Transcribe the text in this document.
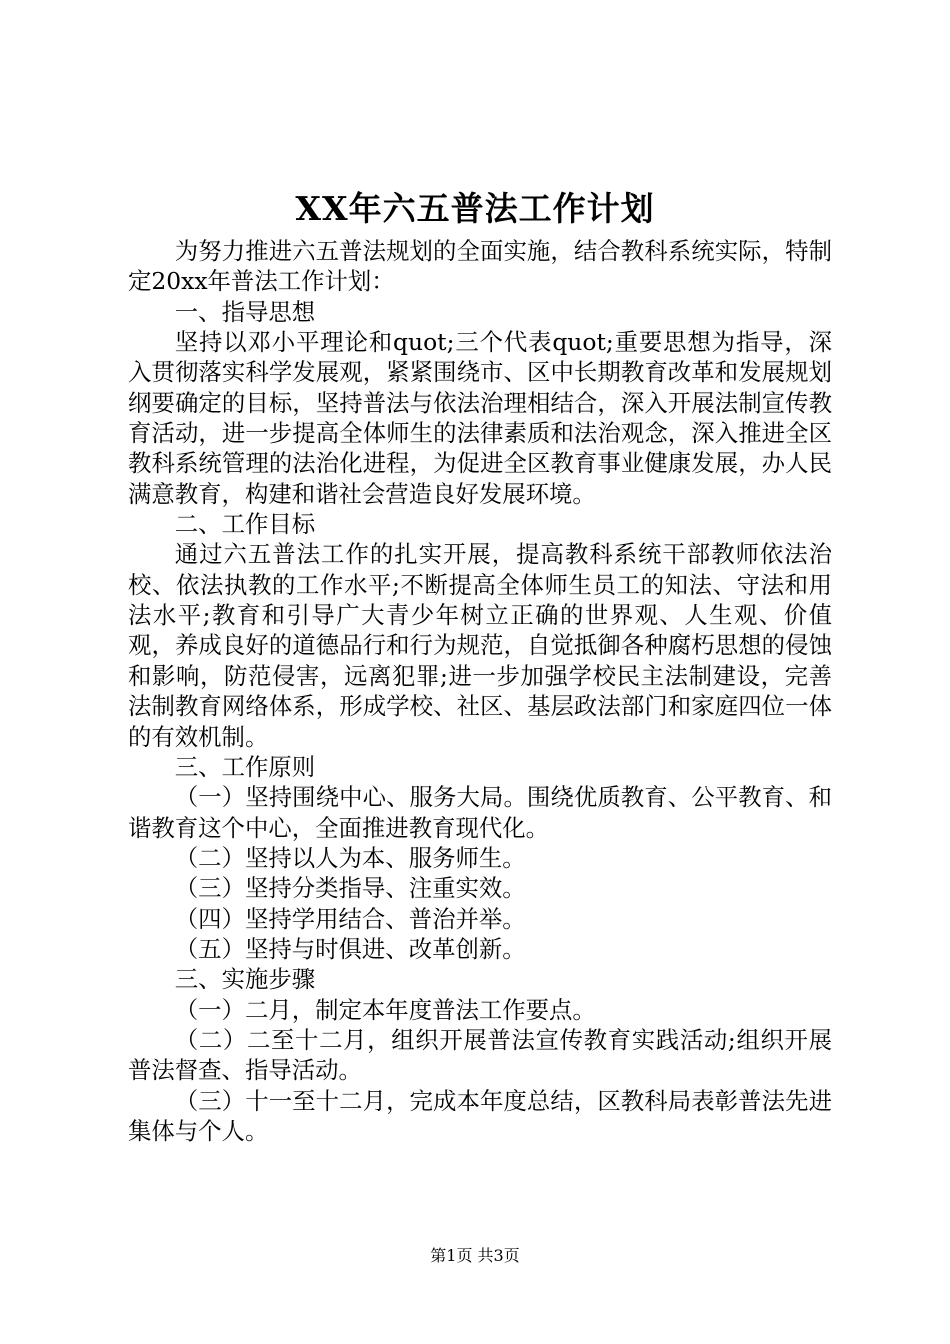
XX年六五普法工作计划

为努力推进六五普法规划的全面实施，结合教科系统实际，特制定20xx年普法工作计划：

一、指导思想

坚持以邓小平理论和quot;三个代表quot;重要思想为指导，深入贯彻落实科学发展观，紧紧围绕市、区中长期教育改革和发展规划纲要确定的目标，坚持普法与依法治理相结合，深入开展法制宣传教育活动，进一步提高全体师生的法律素质和法治观念，深入推进全区教科系统管理的法治化进程，为促进全区教育事业健康发展，办人民满意教育，构建和谐社会营造良好发展环境。

二、工作目标

通过六五普法工作的扎实开展，提高教科系统干部教师依法治校、依法执教的工作水平;不断提高全体师生员工的知法、守法和用法水平;教育和引导广大青少年树立正确的世界观、人生观、价值观，养成良好的道德品行和行为规范，自觉抵御各种腐朽思想的侵蚀和影响，防范侵害，远离犯罪;进一步加强学校民主法制建设，完善法制教育网络体系，形成学校、社区、基层政法部门和家庭四位一体的有效机制。

三、工作原则

（一）坚持围绕中心、服务大局。围绕优质教育、公平教育、和谐教育这个中心，全面推进教育现代化。

（二）坚持以人为本、服务师生。

（三）坚持分类指导、注重实效。

（四）坚持学用结合、普治并举。

（五）坚持与时俱进、改革创新。

三、实施步骤

（一）二月，制定本年度普法工作要点。

（二）二至十二月，组织开展普法宣传教育实践活动;组织开展普法督查、指导活动。

（三）十一至十二月，完成本年度总结，区教科局表彰普法先进集体与个人。

第1页 共3页
